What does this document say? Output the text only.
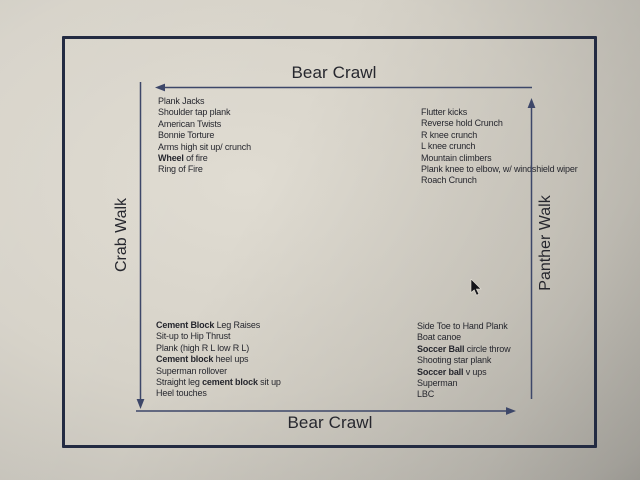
Bear Crawl
Bear Crawl
Crab Walk	Panther Walk
Plank Jacks
Shoulder tap plank
American Twists
Bonnie Torture
Arms high sit up/ crunch
Wheel of fire
Ring of Fire
Flutter kicks
Reverse hold Crunch
R knee crunch
L knee crunch
Mountain climbers
Plank knee to elbow, w/ windshield wiper
Roach Crunch
Cement Block Leg Raises
Sit-up to Hip Thrust
Plank (high R L low R L)
Cement block heel ups
Superman rollover
Straight leg cement block sit up
Heel touches
Side Toe to Hand Plank
Boat canoe
Soccer Ball circle throw
Shooting star plank
Soccer ball v ups
Superman
LBC
